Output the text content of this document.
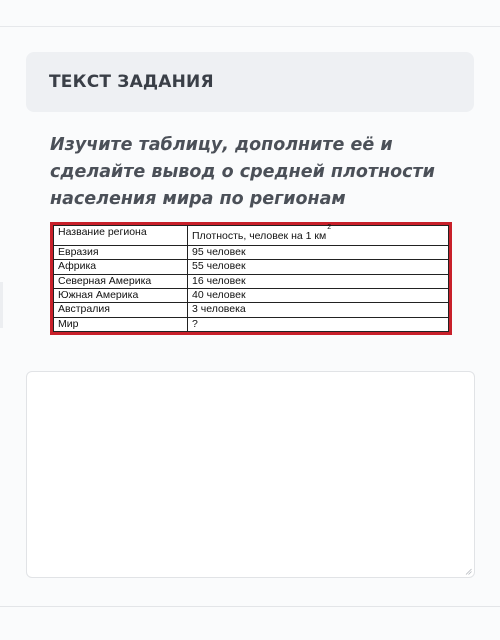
ТЕКСТ ЗАДАНИЯ
Изучите таблицу, дополните её и сделайте вывод о средней плотности населения мира по регионам
Название региона	Плотность, человек на 1 $км^2$
Евразия	95 человек
Африка	55 человек
Северная Америка	16 человек
Южная Америка	40 человек
Австралия	3 человека
Мир	?
